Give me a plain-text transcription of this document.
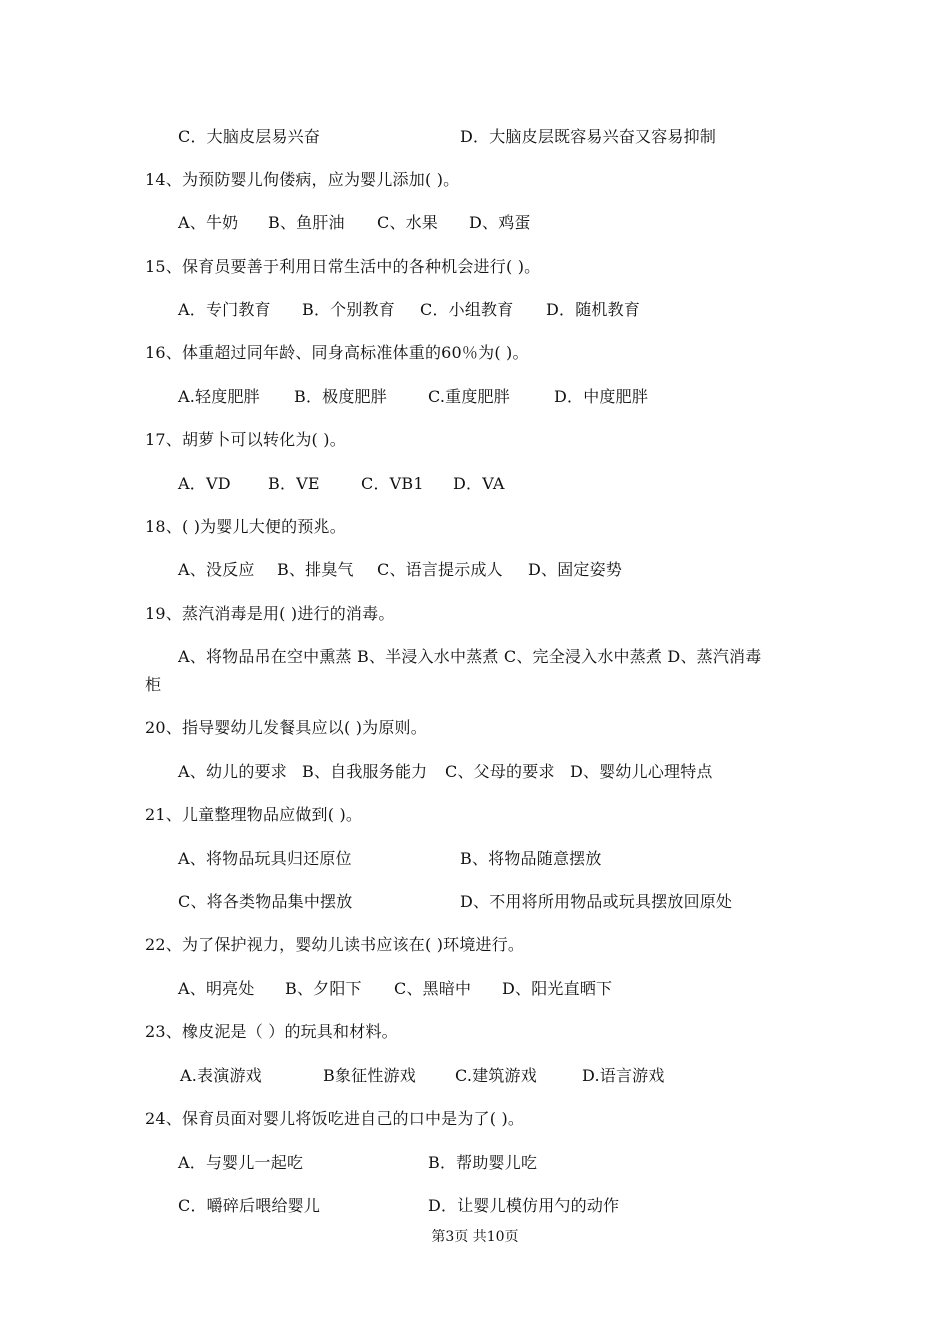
C．大脑皮层易兴奋	D．大脑皮层既容易兴奋又容易抑制
14、为预防婴儿佝偻病，应为婴儿添加( )。
A、牛奶 B、鱼肝油 C、水果 D、鸡蛋
15、保育员要善于利用日常生活中的各种机会进行( )。
A．专门教育 B．个别教育 C．小组教育 D．随机教育
16、体重超过同年龄、同身高标准体重的60％为( )。
A.轻度肥胖 B．极度肥胖	C.重度肥胖	D．中度肥胖
17、胡萝卜可以转化为( )。
A．VD B．VE	C．VB1 D．VA
18、( )为婴儿大便的预兆。
A、没反应 B、排臭气 C、语言提示成人 D、固定姿势
19、蒸汽消毒是用( )进行的消毒。
A、将物品吊在空中熏蒸 B、半浸入水中蒸煮 C、完全浸入水中蒸煮 D、蒸汽消毒
柜
20、指导婴幼儿发餐具应以( )为原则。
A、幼儿的要求 B、自我服务能力 C、父母的要求 D、婴幼儿心理特点
21、儿童整理物品应做到( )。
A、将物品玩具归还原位	B、将物品随意摆放
C、将各类物品集中摆放	D、不用将所用物品或玩具摆放回原处
22、为了保护视力，婴幼儿读书应该在( )环境进行。
A、明亮处 B、夕阳下 C、黑暗中 D、阳光直晒下
23、橡皮泥是（ ）的玩具和材料。
A.表演游戏	B象征性游戏 C.建筑游戏	D.语言游戏
24、保育员面对婴儿将饭吃进自己的口中是为了( )。
A．与婴儿一起吃	B．帮助婴儿吃
C．嚼碎后喂给婴儿	D．让婴儿模仿用勺的动作
第3页 共10页
